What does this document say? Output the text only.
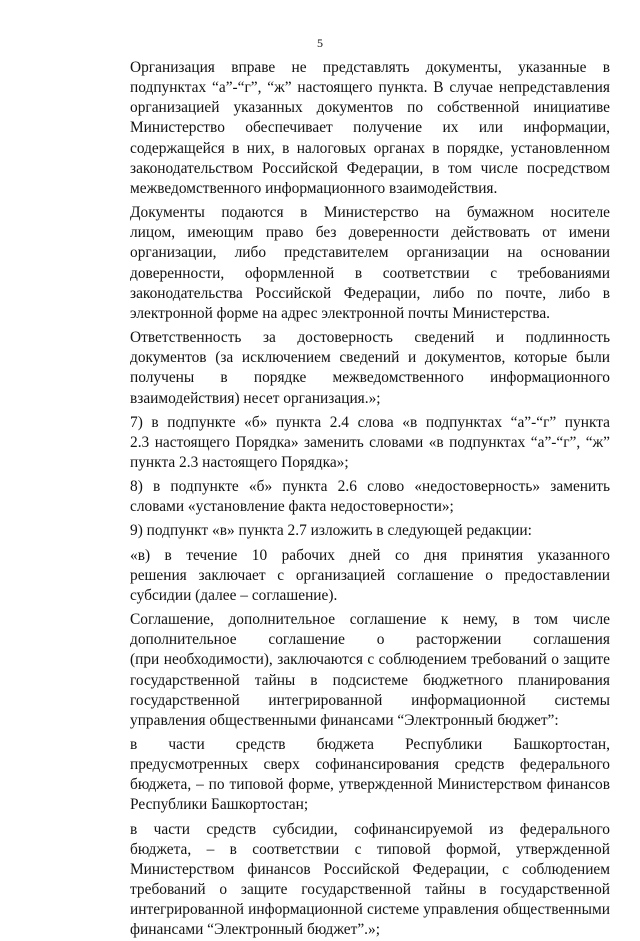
5
Организация вправе не представлять документы, указанные в
подпунктах “а”-“г”, “ж” настоящего пункта. В случае непредставления
организацией указанных документов по собственной инициативе
Министерство обеспечивает получение их или информации,
содержащейся в них, в налоговых органах в порядке, установленном
законодательством Российской Федерации, в том числе посредством
межведомственного информационного взаимодействия.
Документы подаются в Министерство на бумажном носителе
лицом, имеющим право без доверенности действовать от имени
организации, либо представителем организации на основании
доверенности, оформленной в соответствии с требованиями
законодательства Российской Федерации, либо по почте, либо в
электронной форме на адрес электронной почты Министерства.
Ответственность за достоверность сведений и подлинность
документов (за исключением сведений и документов, которые были
получены в порядке межведомственного информационного
взаимодействия) несет организация.»;
7) в подпункте «б» пункта 2.4 слова «в подпунктах “а”-“г” пункта
2.3 настоящего Порядка» заменить словами «в подпунктах “а”-“г”, “ж”
пункта 2.3 настоящего Порядка»;
8) в подпункте «б» пункта 2.6 слово «недостоверность» заменить
словами «установление факта недостоверности»;
9) подпункт «в» пункта 2.7 изложить в следующей редакции:
«в) в течение 10 рабочих дней со дня принятия указанного
решения заключает с организацией соглашение о предоставлении
субсидии (далее – соглашение).
Соглашение, дополнительное соглашение к нему, в том числе
дополнительное соглашение о расторжении соглашения
(при необходимости), заключаются с соблюдением требований о защите
государственной тайны в подсистеме бюджетного планирования
государственной интегрированной информационной системы
управления общественными финансами “Электронный бюджет”:
в части средств бюджета Республики Башкортостан,
предусмотренных сверх софинансирования средств федерального
бюджета, – по типовой форме, утвержденной Министерством финансов
Республики Башкортостан;
в части средств субсидии, софинансируемой из федерального
бюджета, – в соответствии с типовой формой, утвержденной
Министерством финансов Российской Федерации, с соблюдением
требований о защите государственной тайны в государственной
интегрированной информационной системе управления общественными
финансами “Электронный бюджет”.»;
